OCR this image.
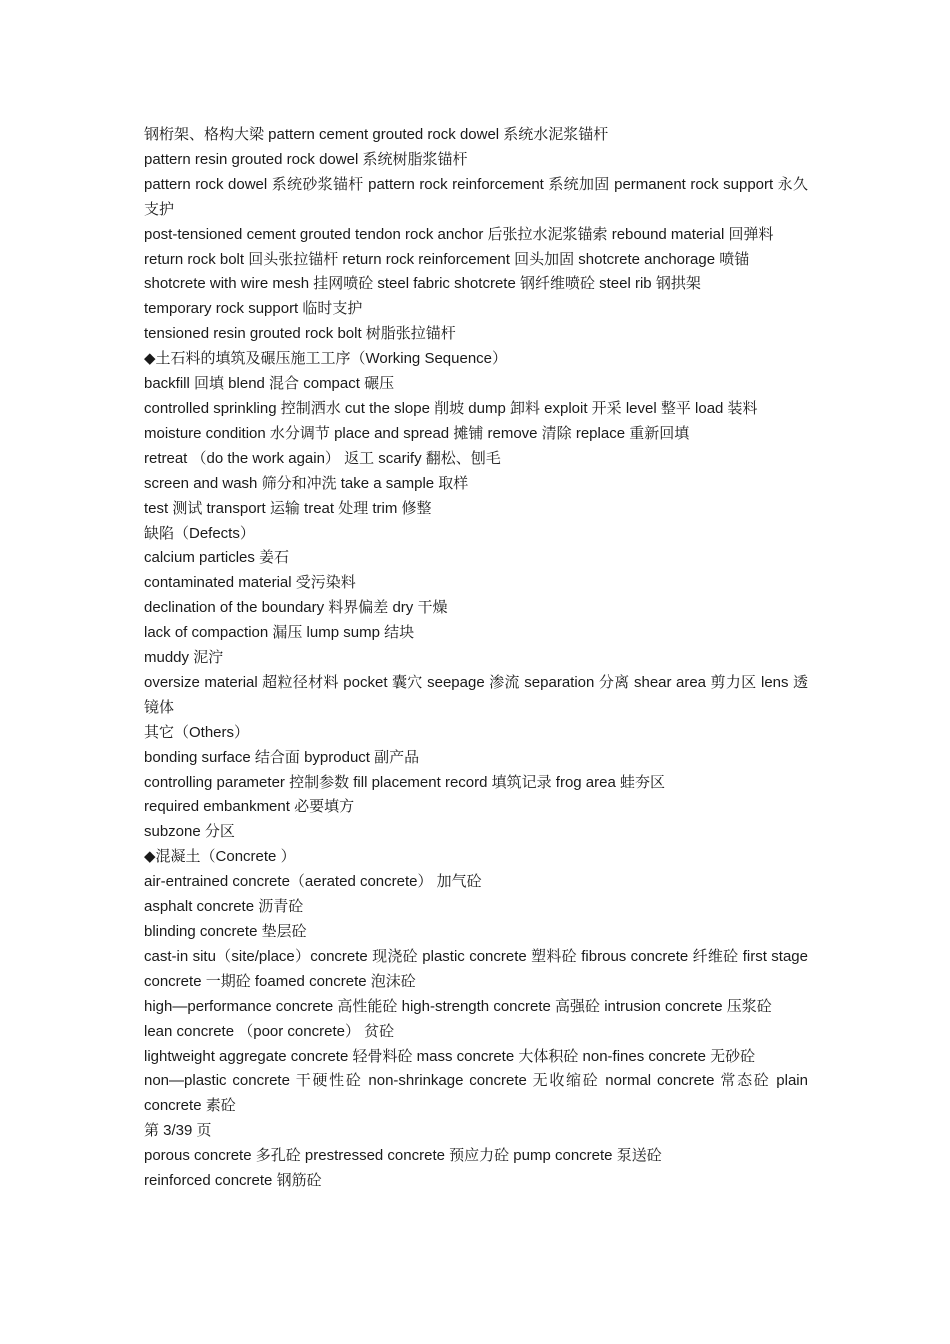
钢桁架、格构大梁 pattern cement grouted rock dowel 系统水泥浆锚杆

pattern resin grouted rock dowel 系统树脂浆锚杆

pattern rock dowel 系统砂浆锚杆 pattern rock reinforcement 系统加固 permanent rock support 永久支护

post-tensioned cement grouted tendon rock anchor 后张拉水泥浆锚索 rebound material 回弹料

return rock bolt 回头张拉锚杆 return rock reinforcement 回头加固 shotcrete anchorage 喷锚

shotcrete with wire mesh 挂网喷砼 steel fabric shotcrete 钢纤维喷砼 steel rib 钢拱架

temporary rock support 临时支护

tensioned resin grouted rock bolt 树脂张拉锚杆

◆土石料的填筑及碾压施工工序（Working Sequence）

backfill 回填 blend 混合 compact 碾压

controlled sprinkling 控制洒水 cut the slope 削坡 dump 卸料 exploit 开采 level 整平 load 装料

moisture condition 水分调节 place and spread 摊铺 remove 清除 replace 重新回填

retreat （do the work again） 返工 scarify 翻松、刨毛

screen and wash 筛分和冲洗 take a sample 取样

test 测试 transport 运输 treat 处理 trim 修整

缺陷（Defects）

calcium particles 姜石

contaminated material 受污染料

declination of the boundary 料界偏差 dry 干燥

lack of compaction 漏压 lump sump 结块

muddy 泥泞

oversize material 超粒径材料 pocket 囊穴 seepage 渗流 separation 分离 shear area 剪力区 lens 透镜体

其它（Others）

bonding surface 结合面 byproduct 副产品

controlling parameter 控制参数 fill placement record 填筑记录 frog area 蛙夯区

required embankment 必要填方

subzone 分区

◆混凝土（Concrete ）

air-entrained concrete（aerated concrete） 加气砼

asphalt concrete 沥青砼

blinding concrete 垫层砼

cast-in situ（site/place）concrete 现浇砼 plastic concrete 塑料砼 fibrous concrete 纤维砼 first stage concrete 一期砼 foamed concrete 泡沫砼

high—performance concrete 高性能砼 high-strength concrete 高强砼 intrusion concrete 压浆砼

lean concrete （poor concrete） 贫砼

lightweight aggregate concrete 轻骨料砼 mass concrete 大体积砼 non-fines concrete 无砂砼

non—plastic concrete 干硬性砼 non-shrinkage concrete 无收缩砼 normal concrete 常态砼 plain concrete 素砼

第 3/39 页

porous concrete 多孔砼 prestressed concrete 预应力砼 pump concrete 泵送砼

reinforced concrete 钢筋砼
